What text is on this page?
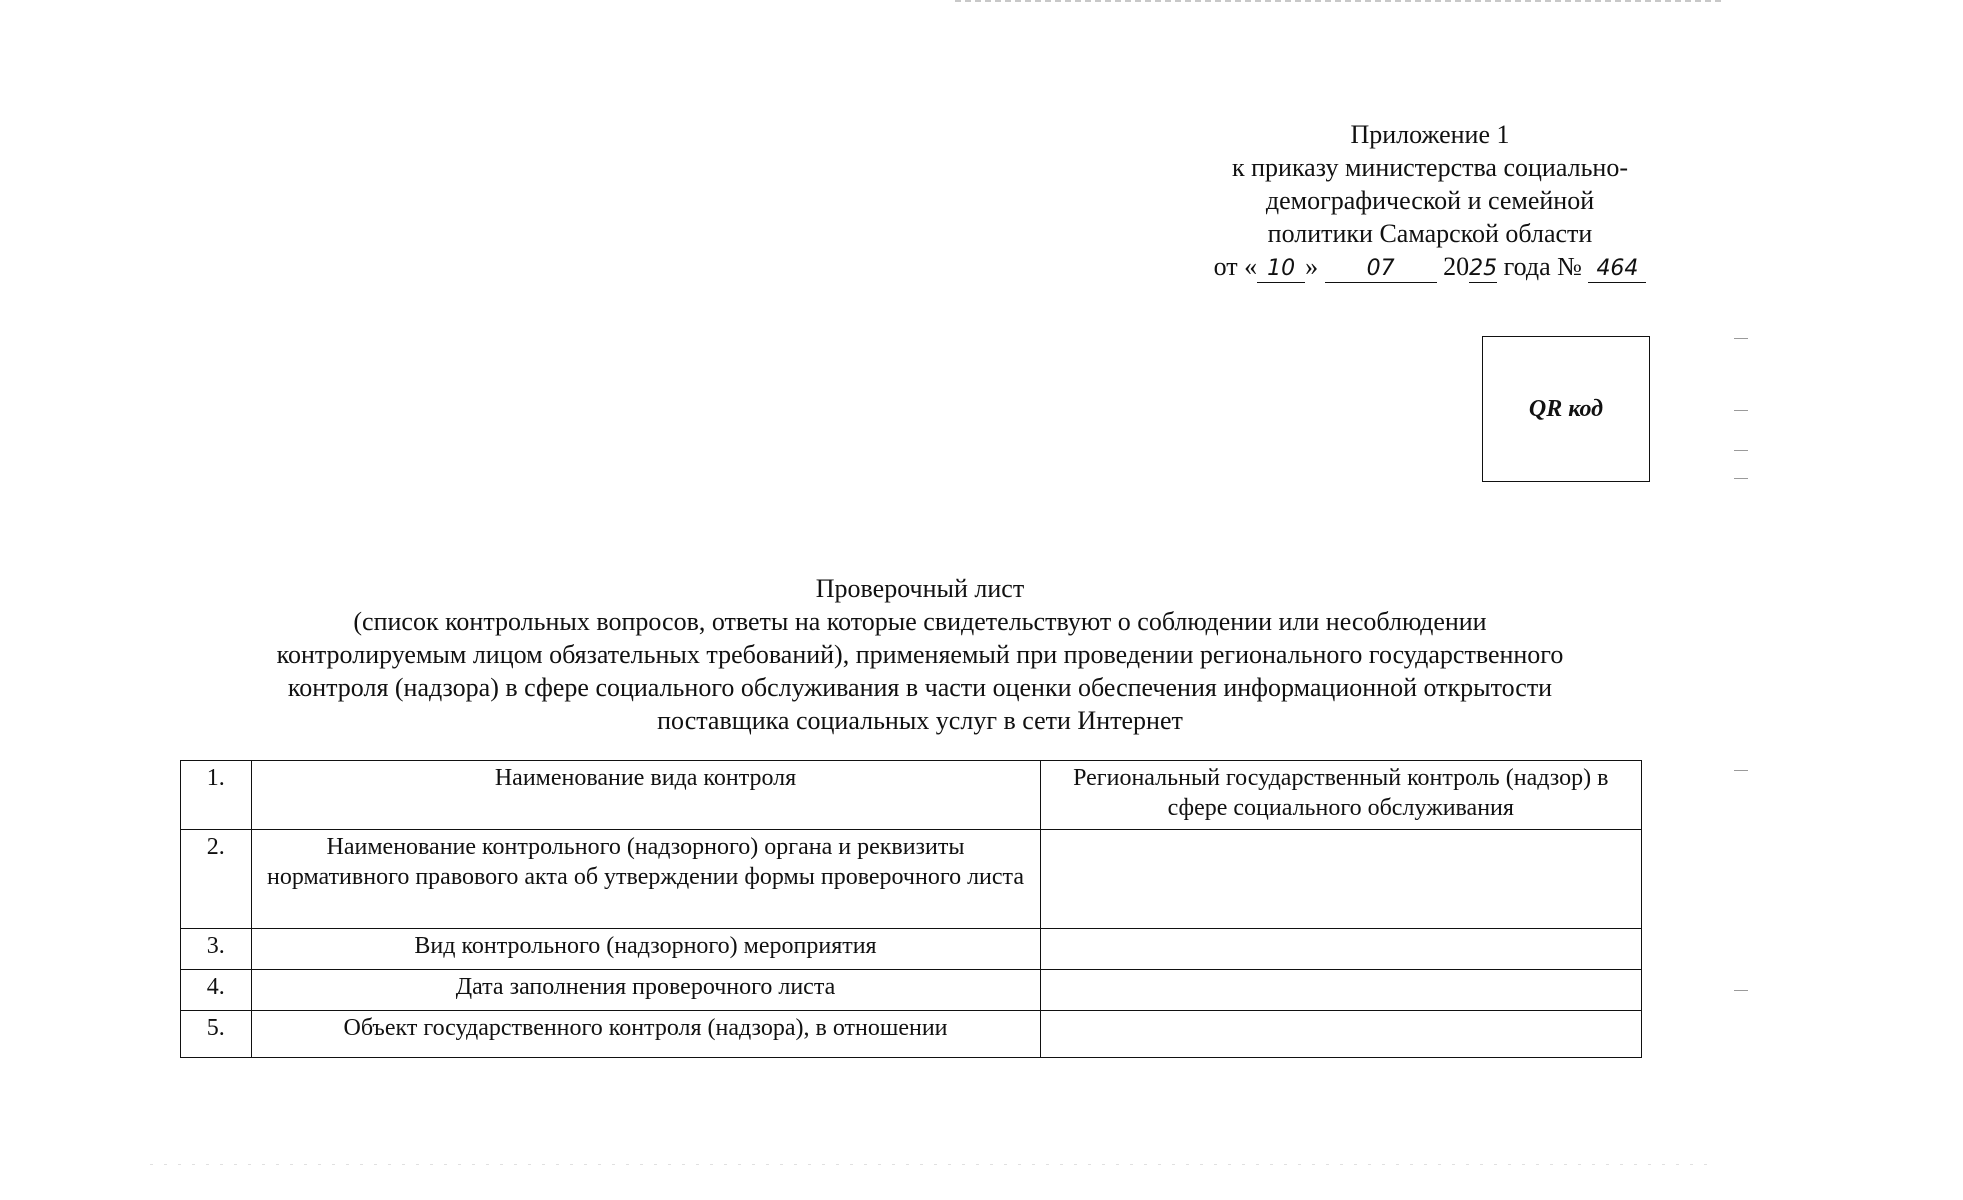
Приложение 1
к приказу министерства социально-
демографической и семейной
политики Самарской области
от « 10 » 07 2025 года № 464
QR код
Проверочный лист
(список контрольных вопросов, ответы на которые свидетельствуют о соблюдении или несоблюдении
контролируемым лицом обязательных требований), применяемый при проведении регионального государственного
контроля (надзора) в сфере социального обслуживания в части оценки обеспечения информационной открытости
поставщика социальных услуг в сети Интернет
1.	Наименование вида контроля	Региональный государственный контроль (надзор) в сфере социального обслуживания
2.	Наименование контрольного (надзорного) органа и реквизиты нормативного правового акта об утверждении формы проверочного листа	
3.	Вид контрольного (надзорного) мероприятия	
4.	Дата заполнения проверочного листа	
5.	Объект государственного контроля (надзора), в отношении	
